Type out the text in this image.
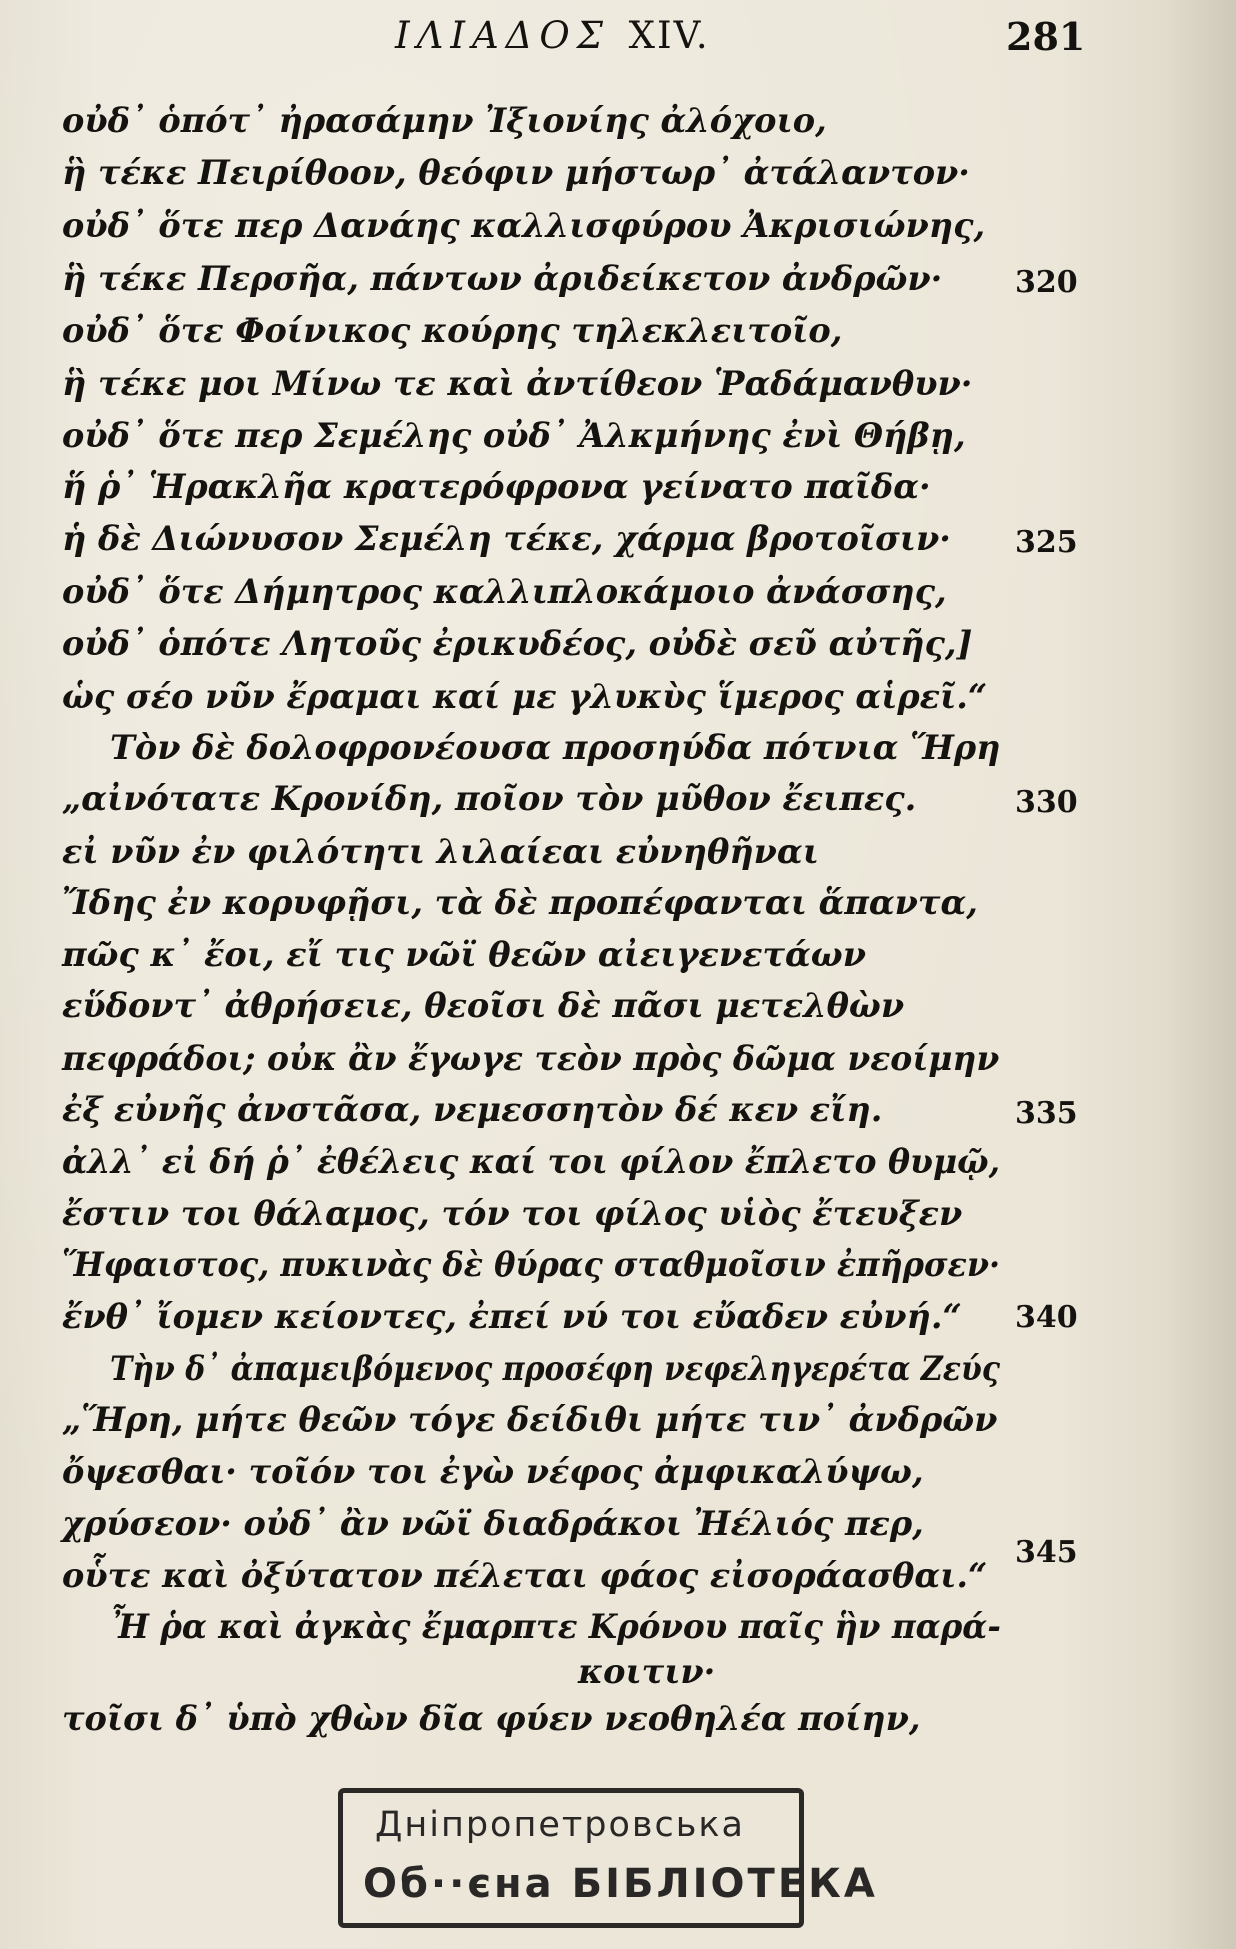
ΙΛΙΑΔΟΣ XIV.	281
οὐδ᾽ ὁπότ᾽ ἠρασάμην Ἰξιονίης ἀλόχοιο,
ἣ τέκε Πειρίθοον, θεόφιν μήστωρ᾽ ἀτάλαντον·
οὐδ᾽ ὅτε περ Δανάης καλλισφύρου Ἀκρισιώνης,
ἣ τέκε Περσῆα, πάντων ἀριδείκετον ἀνδρῶν· 320
οὐδ᾽ ὅτε Φοίνικος κούρης τηλεκλειτοῖο,
ἣ τέκε μοι Μίνω τε καὶ ἀντίθεον Ῥαδάμανθυν·
οὐδ᾽ ὅτε περ Σεμέλης οὐδ᾽ Ἀλκμήνης ἐνὶ Θήβῃ,
ἥ ῥ᾽ Ἡρακλῆα κρατερόφρονα γείνατο παῖδα·
ἡ δὲ Διώνυσον Σεμέλη τέκε, χάρμα βροτοῖσιν· 325
οὐδ᾽ ὅτε Δήμητρος καλλιπλοκάμοιο ἀνάσσης,
οὐδ᾽ ὁπότε Λητοῦς ἐρικυδέος, οὐδὲ σεῦ αὐτῆς,]
ὡς σέο νῦν ἔραμαι καί με γλυκὺς ἵμερος αἱρεῖ.“
Τὸν δὲ δολοφρονέουσα προσηύδα πότνια Ἥρη
„αἰνότατε Κρονίδη, ποῖον τὸν μῦθον ἔειπες.	330
εἰ νῦν ἐν φιλότητι λιλαίεαι εὐνηθῆναι
Ἴδης ἐν κορυφῇσι, τὰ δὲ προπέφανται ἅπαντα,
πῶς κ᾽ ἔοι, εἴ τις νῶϊ θεῶν αἰειγενετάων
εὕδοντ᾽ ἀθρήσειε, θεοῖσι δὲ πᾶσι μετελθὼν
πεφράδοι; οὐκ ἂν ἔγωγε τεὸν πρὸς δῶμα νεοίμην
ἐξ εὐνῆς ἀνστᾶσα, νεμεσσητὸν δέ κεν εἴη.	335
ἀλλ᾽ εἰ δή ῥ᾽ ἐθέλεις καί τοι φίλον ἔπλετο θυμῷ,
ἔστιν τοι θάλαμος, τόν τοι φίλος υἱὸς ἔτευξεν
Ἥφαιστος, πυκινὰς δὲ θύρας σταθμοῖσιν ἐπῆρσεν·
ἔνθ᾽ ἴομεν κείοντες, ἐπεί νύ τοι εὔαδεν εὐνή.“ 340
Τὴν δ᾽ ἀπαμειβόμενος προσέφη νεφεληγερέτα Ζεύς
„Ἥρη, μήτε θεῶν τόγε δείδιθι μήτε τιν᾽ ἀνδρῶν
ὄψεσθαι· τοῖόν τοι ἐγὼ νέφος ἀμφικαλύψω,
χρύσεον· οὐδ᾽ ἂν νῶϊ διαδράκοι Ἠέλιός περ,
οὗτε καὶ ὀξύτατον πέλεται φάος εἰσοράασθαι.“
345
Ἦ ῥα καὶ ἀγκὰς ἔμαρπτε Κρόνου παῖς ἣν παρά-
κοιτιν·
τοῖσι δ᾽ ὑπὸ χθὼν δῖα φύεν νεοθηλέα ποίην,
Дніпропетровська
Об··єна БІБЛІОТЕКА
